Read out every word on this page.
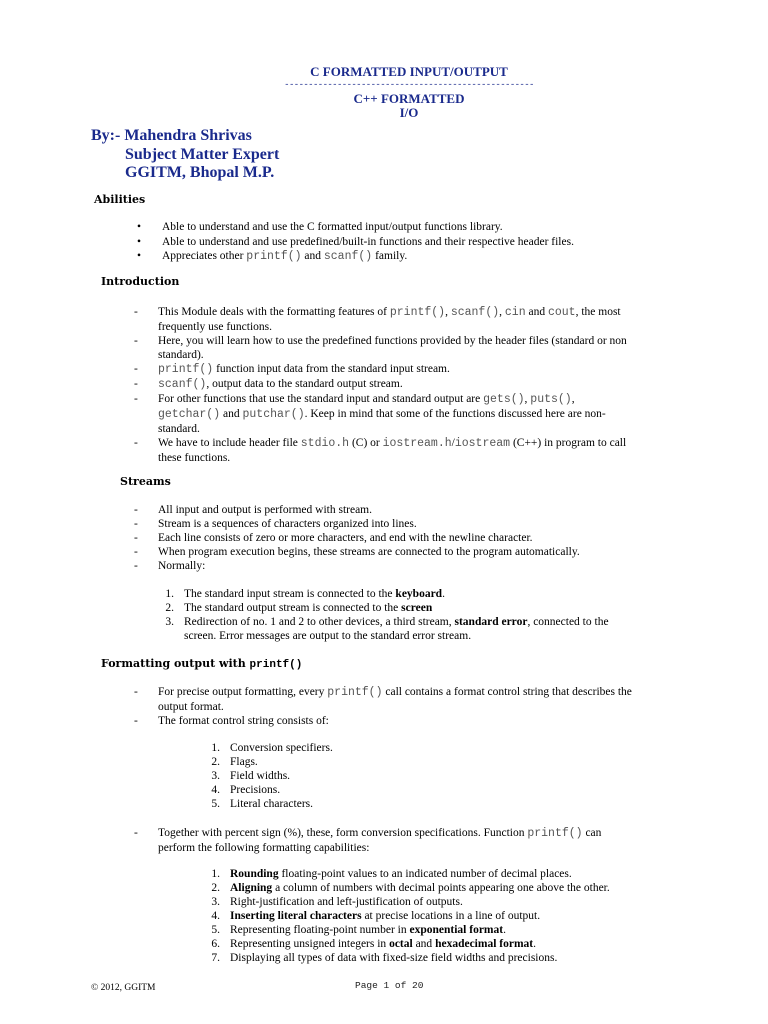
C FORMATTED INPUT/OUTPUT
----------------------------------------------------
C++ FORMATTED
I/O
By:- Mahendra Shrivas
Subject Matter Expert
GGITM, Bhopal M.P.
Abilities
• Able to understand and use the C formatted input/output functions library.
• Able to understand and use predefined/built-in functions and their respective header files.
• Appreciates other printf() and scanf() family.
Introduction
- This Module deals with the formatting features of printf(), scanf(), cin and cout, the most
frequently use functions.
- Here, you will learn how to use the predefined functions provided by the header files (standard or non
standard).
- printf() function input data from the standard input stream.
- scanf(), output data to the standard output stream.
- For other functions that use the standard input and standard output are gets(), puts(),
getchar() and putchar(). Keep in mind that some of the functions discussed here are non-
standard.
- We have to include header file stdio.h (C) or iostream.h/iostream (C++) in program to call
these functions.
Streams
- All input and output is performed with stream.
- Stream is a sequences of characters organized into lines.
- Each line consists of zero or more characters, and end with the newline character.
- When program execution begins, these streams are connected to the program automatically.
- Normally:
1. The standard input stream is connected to the keyboard.
2. The standard output stream is connected to the screen
3. Redirection of no. 1 and 2 to other devices, a third stream, standard error, connected to the
screen. Error messages are output to the standard error stream.
Formatting output with printf()
- For precise output formatting, every printf() call contains a format control string that describes the
output format.
- The format control string consists of:
1. Conversion specifiers.
2. Flags.
3. Field widths.
4. Precisions.
5. Literal characters.
- Together with percent sign (%), these, form conversion specifications. Function printf() can
perform the following formatting capabilities:
1. Rounding floating-point values to an indicated number of decimal places.
2. Aligning a column of numbers with decimal points appearing one above the other.
3. Right-justification and left-justification of outputs.
4. Inserting literal characters at precise locations in a line of output.
5. Representing floating-point number in exponential format.
6. Representing unsigned integers in octal and hexadecimal format.
7. Displaying all types of data with fixed-size field widths and precisions.
© 2012, GGITM	Page 1 of 20
